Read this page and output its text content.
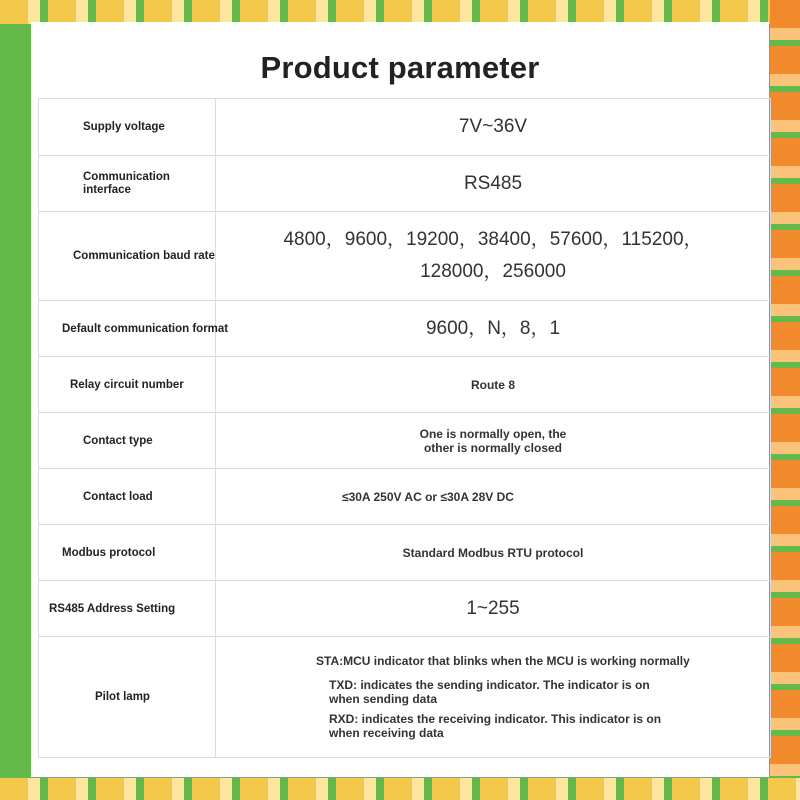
Product parameter
Supply voltage	7V~36V

Communication
interface	RS485

Communication baud rate	4800，9600，19200，38400，57600，115200，
128000，256000

Default communication format	9600，N，8，1

Relay circuit number	Route 8

Contact type	One is normally open, the
other is normally closed

Contact load	≤30A 250V AC or ≤30A 28V DC

Modbus protocol	Standard Modbus RTU protocol

RS485 Address Setting	1~255

Pilot lamp	STA:MCU indicator that blinks when the MCU is working normally
TXD: indicates the sending indicator. The indicator is on
when sending data
RXD: indicates the receiving indicator. This indicator is on
when receiving data
